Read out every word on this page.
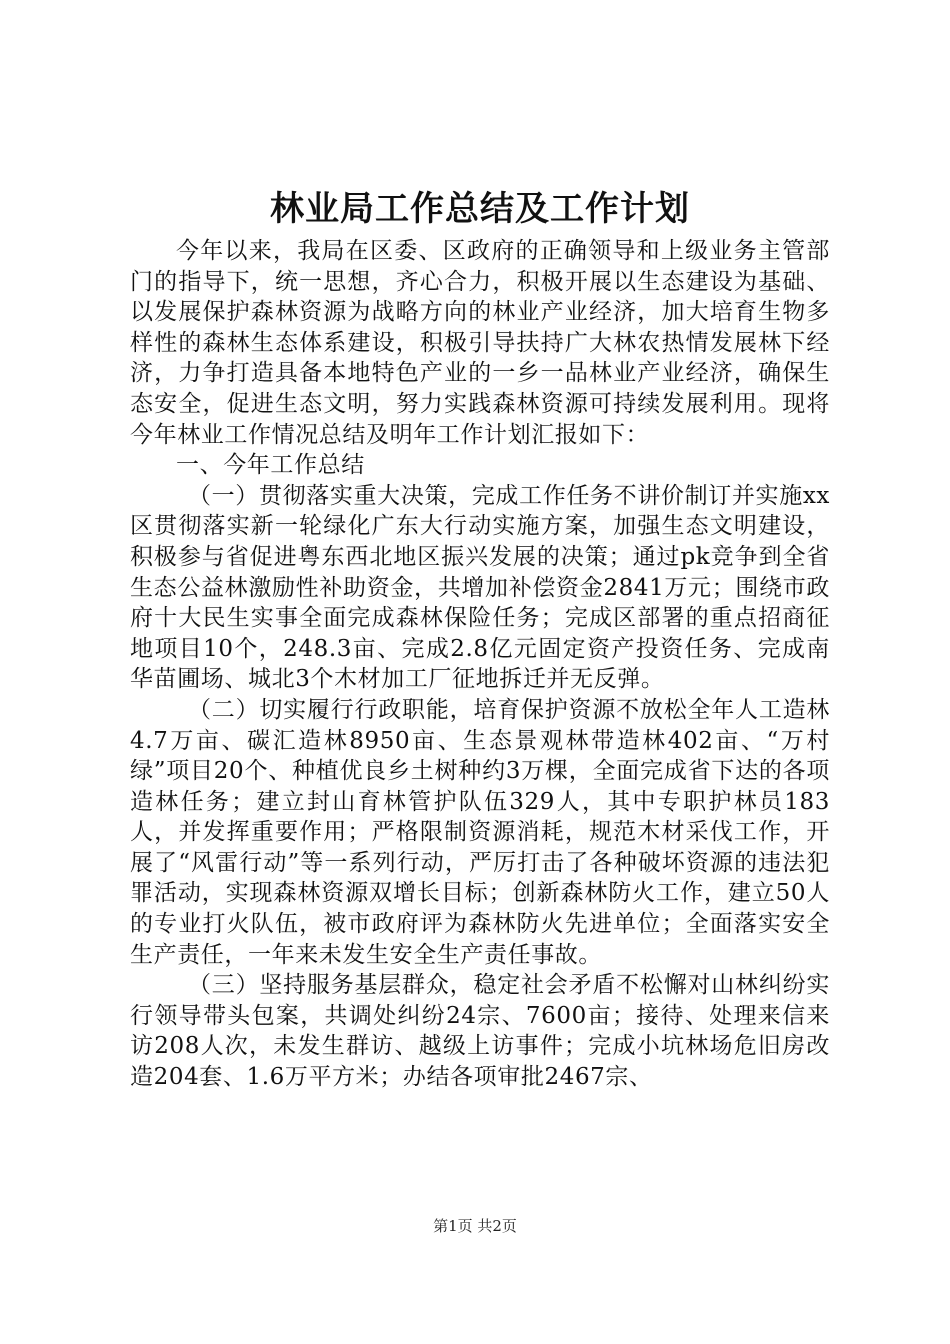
林业局工作总结及工作计划

今年以来，我局在区委、区政府的正确领导和上级业务主管部门的指导下，统一思想，齐心合力，积极开展以生态建设为基础、以发展保护森林资源为战略方向的林业产业经济，加大培育生物多样性的森林生态体系建设，积极引导扶持广大林农热情发展林下经济，力争打造具备本地特色产业的一乡一品林业产业经济，确保生态安全，促进生态文明，努力实践森林资源可持续发展利用。现将今年林业工作情况总结及明年工作计划汇报如下：

一、今年工作总结

（一）贯彻落实重大决策，完成工作任务不讲价制订并实施xx区贯彻落实新一轮绿化广东大行动实施方案，加强生态文明建设，积极参与省促进粤东西北地区振兴发展的决策；通过pk竞争到全省生态公益林激励性补助资金，共增加补偿资金2841万元；围绕市政府十大民生实事全面完成森林保险任务；完成区部署的重点招商征地项目10个，248.3亩、完成2.8亿元固定资产投资任务、完成南华苗圃场、城北3个木材加工厂征地拆迁并无反弹。

（二）切实履行行政职能，培育保护资源不放松全年人工造林4.7万亩、碳汇造林8950亩、生态景观林带造林402亩、“万村绿”项目20个、种植优良乡土树种约3万棵，全面完成省下达的各项造林任务；建立封山育林管护队伍329人，其中专职护林员183人，并发挥重要作用；严格限制资源消耗，规范木材采伐工作，开展了“风雷行动”等一系列行动，严厉打击了各种破坏资源的违法犯罪活动，实现森林资源双增长目标；创新森林防火工作，建立50人的专业打火队伍，被市政府评为森林防火先进单位；全面落实安全生产责任，一年来未发生安全生产责任事故。

（三）坚持服务基层群众，稳定社会矛盾不松懈对山林纠纷实行领导带头包案，共调处纠纷24宗、7600亩；接待、处理来信来访208人次，未发生群访、越级上访事件；完成小坑林场危旧房改造204套、1.6万平方米；办结各项审批2467宗、

第1页 共2页
